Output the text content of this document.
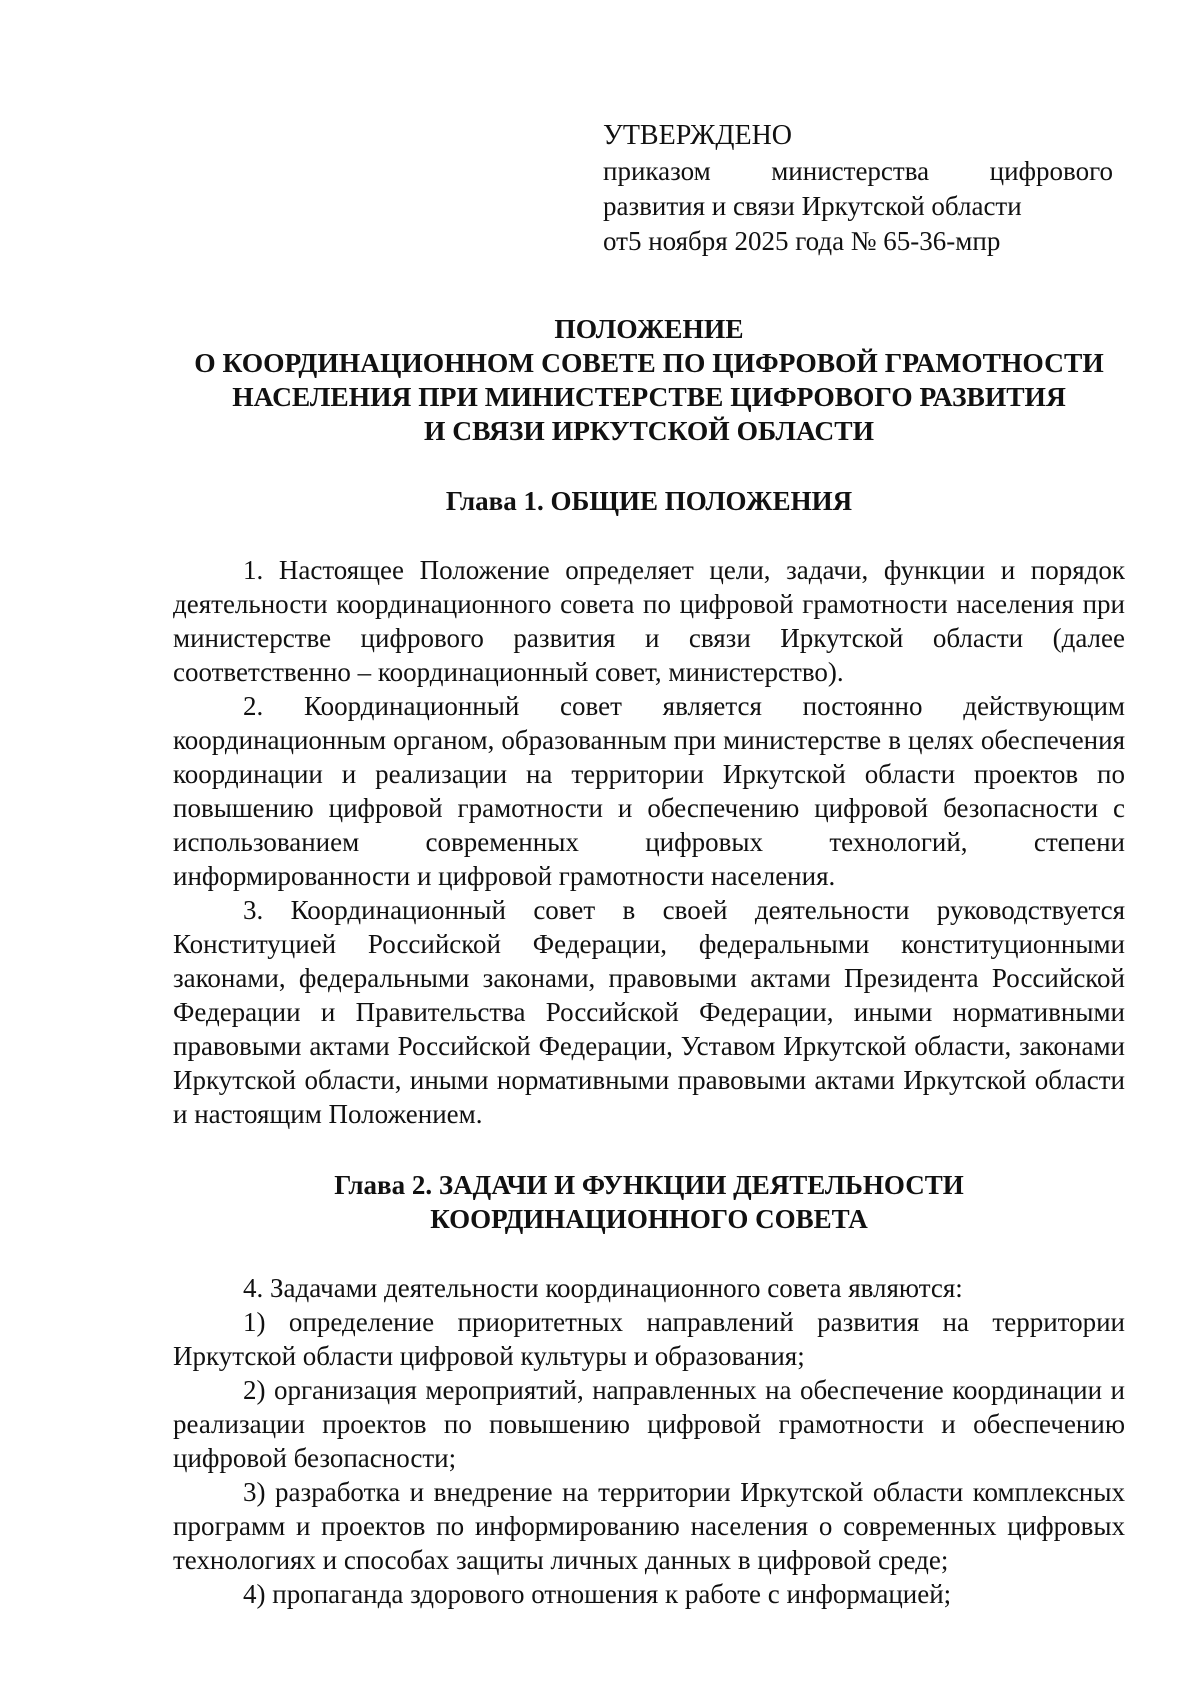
УТВЕРЖДЕНО

приказом министерства цифрового

развития и связи Иркутской области

от5 ноября 2025 года № 65-36-мпр

ПОЛОЖЕНИЕ
О КООРДИНАЦИОННОМ СОВЕТЕ ПО ЦИФРОВОЙ ГРАМОТНОСТИ
НАСЕЛЕНИЯ ПРИ МИНИСТЕРСТВЕ ЦИФРОВОГО РАЗВИТИЯ
И СВЯЗИ ИРКУТСКОЙ ОБЛАСТИ
Глава 1. ОБЩИЕ ПОЛОЖЕНИЯ

1. Настоящее Положение определяет цели, задачи, функции и порядок деятельности координационного совета по цифровой грамотности населения при министерстве цифрового развития и связи Иркутской области (далее соответственно – координационный совет, министерство).

2. Координационный совет является постоянно действующим координационным органом, образованным при министерстве в целях обеспечения координации и реализации на территории Иркутской области проектов по повышению цифровой грамотности и обеспечению цифровой безопасности с использованием современных цифровых технологий, степени информированности и цифровой грамотности населения.

3. Координационный совет в своей деятельности руководствуется Конституцией Российской Федерации, федеральными конституционными законами, федеральными законами, правовыми актами Президента Российской Федерации и Правительства Российской Федерации, иными нормативными правовыми актами Российской Федерации, Уставом Иркутской области, законами Иркутской области, иными нормативными правовыми актами Иркутской области и настоящим Положением.

Глава 2. ЗАДАЧИ И ФУНКЦИИ ДЕЯТЕЛЬНОСТИ
КООРДИНАЦИОННОГО СОВЕТА

4. Задачами деятельности координационного совета являются:

1) определение приоритетных направлений развития на территории Иркутской области цифровой культуры и образования;

2) организация мероприятий, направленных на обеспечение координации и реализации проектов по повышению цифровой грамотности и обеспечению цифровой безопасности;

3) разработка и внедрение на территории Иркутской области комплексных программ и проектов по информированию населения о современных цифровых технологиях и способах защиты личных данных в цифровой среде;

4) пропаганда здорового отношения к работе с информацией;
